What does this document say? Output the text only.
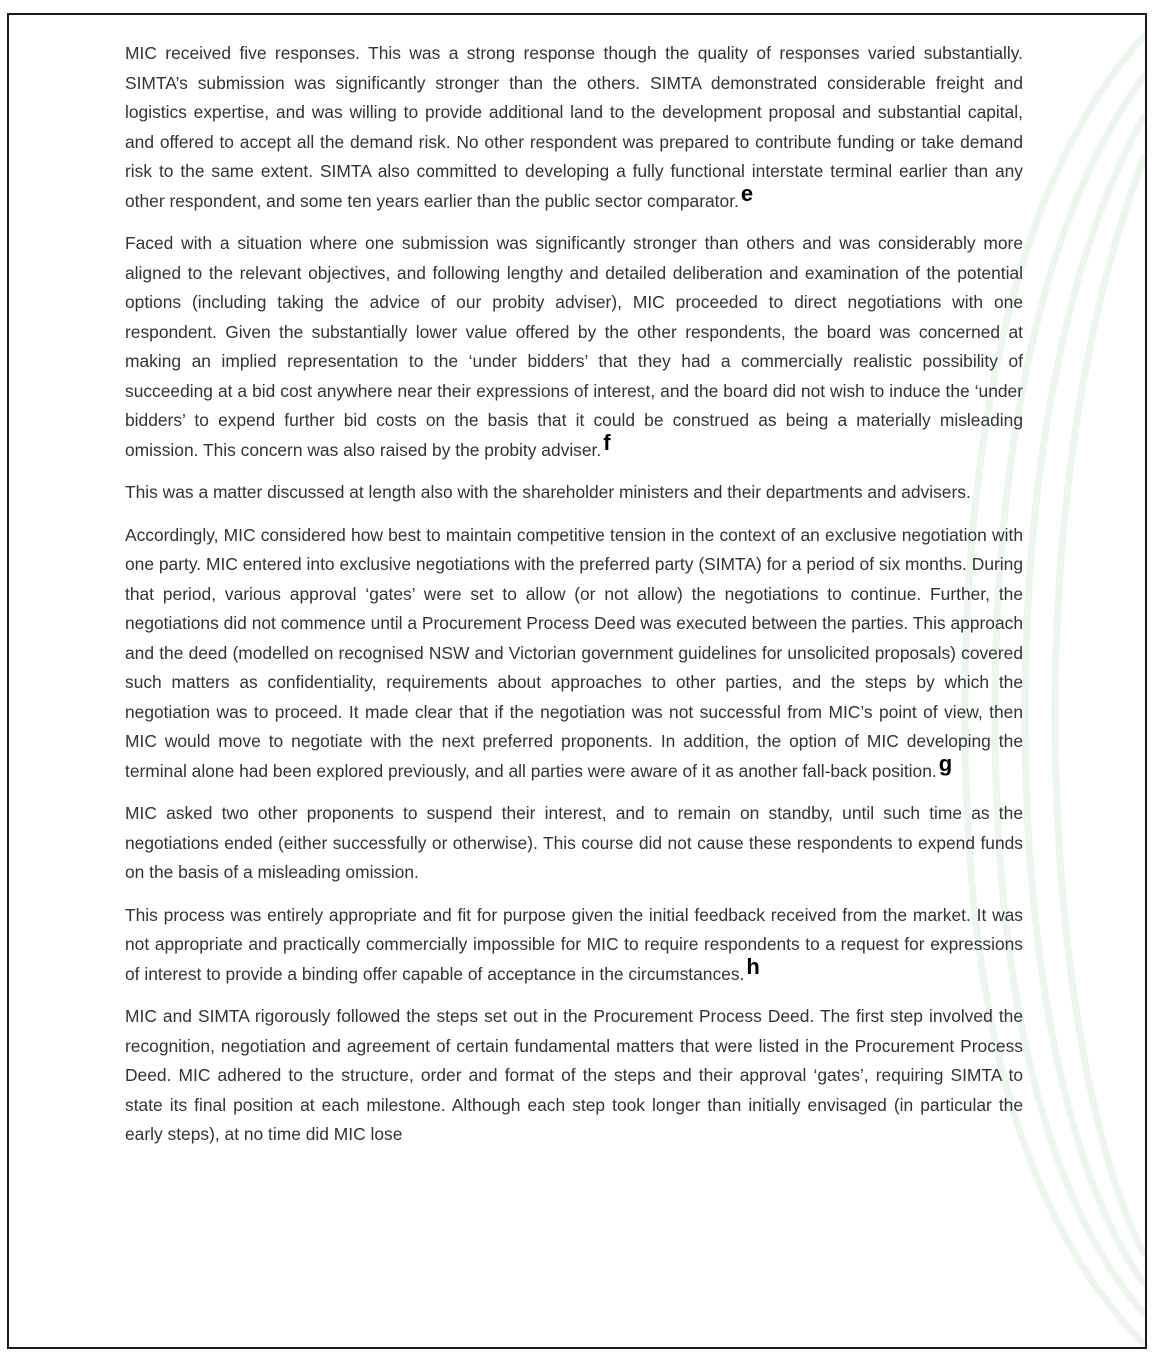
MIC received five responses. This was a strong response though the quality of responses varied substantially. SIMTA’s submission was significantly stronger than the others. SIMTA demonstrated considerable freight and logistics expertise, and was willing to provide additional land to the development proposal and substantial capital, and offered to accept all the demand risk. No other respondent was prepared to contribute funding or take demand risk to the same extent. SIMTA also committed to developing a fully functional interstate terminal earlier than any other respondent, and some ten years earlier than the public sector comparator.e

Faced with a situation where one submission was significantly stronger than others and was considerably more aligned to the relevant objectives, and following lengthy and detailed deliberation and examination of the potential options (including taking the advice of our probity adviser), MIC proceeded to direct negotiations with one respondent. Given the substantially lower value offered by the other respondents, the board was concerned at making an implied representation to the ‘under bidders’ that they had a commercially realistic possibility of succeeding at a bid cost anywhere near their expressions of interest, and the board did not wish to induce the ‘under bidders’ to expend further bid costs on the basis that it could be construed as being a materially misleading omission. This concern was also raised by the probity adviser.f

This was a matter discussed at length also with the shareholder ministers and their departments and advisers.

Accordingly, MIC considered how best to maintain competitive tension in the context of an exclusive negotiation with one party. MIC entered into exclusive negotiations with the preferred party (SIMTA) for a period of six months. During that period, various approval ‘gates’ were set to allow (or not allow) the negotiations to continue. Further, the negotiations did not commence until a Procurement Process Deed was executed between the parties. This approach and the deed (modelled on recognised NSW and Victorian government guidelines for unsolicited proposals) covered such matters as confidentiality, requirements about approaches to other parties, and the steps by which the negotiation was to proceed. It made clear that if the negotiation was not successful from MIC’s point of view, then MIC would move to negotiate with the next preferred proponents. In addition, the option of MIC developing the terminal alone had been explored previously, and all parties were aware of it as another fall-back position.g

MIC asked two other proponents to suspend their interest, and to remain on standby, until such time as the negotiations ended (either successfully or otherwise). This course did not cause these respondents to expend funds on the basis of a misleading omission.

This process was entirely appropriate and fit for purpose given the initial feedback received from the market. It was not appropriate and practically commercially impossible for MIC to require respondents to a request for expressions of interest to provide a binding offer capable of acceptance in the circumstances.h

MIC and SIMTA rigorously followed the steps set out in the Procurement Process Deed. The first step involved the recognition, negotiation and agreement of certain fundamental matters that were listed in the Procurement Process Deed. MIC adhered to the structure, order and format of the steps and their approval ‘gates’, requiring SIMTA to state its final position at each milestone. Although each step took longer than initially envisaged (in particular the early steps), at no time did MIC lose
